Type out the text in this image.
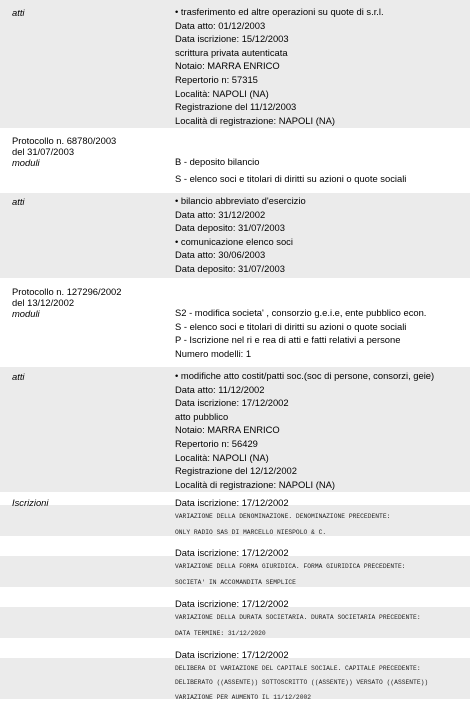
atti	• trasferimento ed altre operazioni su quote di s.r.l.
Data atto: 01/12/2003
Data iscrizione: 15/12/2003
scrittura privata autenticata
Notaio: MARRA ENRICO
Repertorio n: 57315
Località: NAPOLI (NA)
Registrazione del 11/12/2003
Località di registrazione: NAPOLI (NA)
Protocollo n. 68780/2003
del 31/07/2003
moduli	B - deposito bilancio
S - elenco soci e titolari di diritti su azioni o quote sociali
atti	• bilancio abbreviato d'esercizio
Data atto: 31/12/2002
Data deposito: 31/07/2003
• comunicazione elenco soci
Data atto: 30/06/2003
Data deposito: 31/07/2003
Protocollo n. 127296/2002
del 13/12/2002
moduli	S2 - modifica societa' , consorzio g.e.i.e, ente pubblico econ.
S - elenco soci e titolari di diritti su azioni o quote sociali
P - Iscrizione nel ri e rea di atti e fatti relativi a persone
Numero modelli: 1
atti	• modifiche atto costit/patti soc.(soc di persone, consorzi, geie)
Data atto: 11/12/2002
Data iscrizione: 17/12/2002
atto pubblico
Notaio: MARRA ENRICO
Repertorio n: 56429
Località: NAPOLI (NA)
Registrazione del 12/12/2002
Località di registrazione: NAPOLI (NA)
Iscrizioni	Data iscrizione: 17/12/2002
VARIAZIONE DELLA DENOMINAZIONE. DENOMINAZIONE PRECEDENTE:
ONLY RADIO SAS DI MARCELLO NIESPOLO & C.
Data iscrizione: 17/12/2002
VARIAZIONE DELLA FORMA GIURIDICA. FORMA GIURIDICA PRECEDENTE:
SOCIETA' IN ACCOMANDITA SEMPLICE
Data iscrizione: 17/12/2002
VARIAZIONE DELLA DURATA SOCIETARIA. DURATA SOCIETARIA PRECEDENTE:
DATA TERMINE: 31/12/2020
Data iscrizione: 17/12/2002
DELIBERA DI VARIAZIONE DEL CAPITALE SOCIALE. CAPITALE PRECEDENTE:
DELIBERATO ((ASSENTE)) SOTTOSCRITTO ((ASSENTE)) VERSATO ((ASSENTE))
VARIAZIONE PER AUMENTO IL 11/12/2002
